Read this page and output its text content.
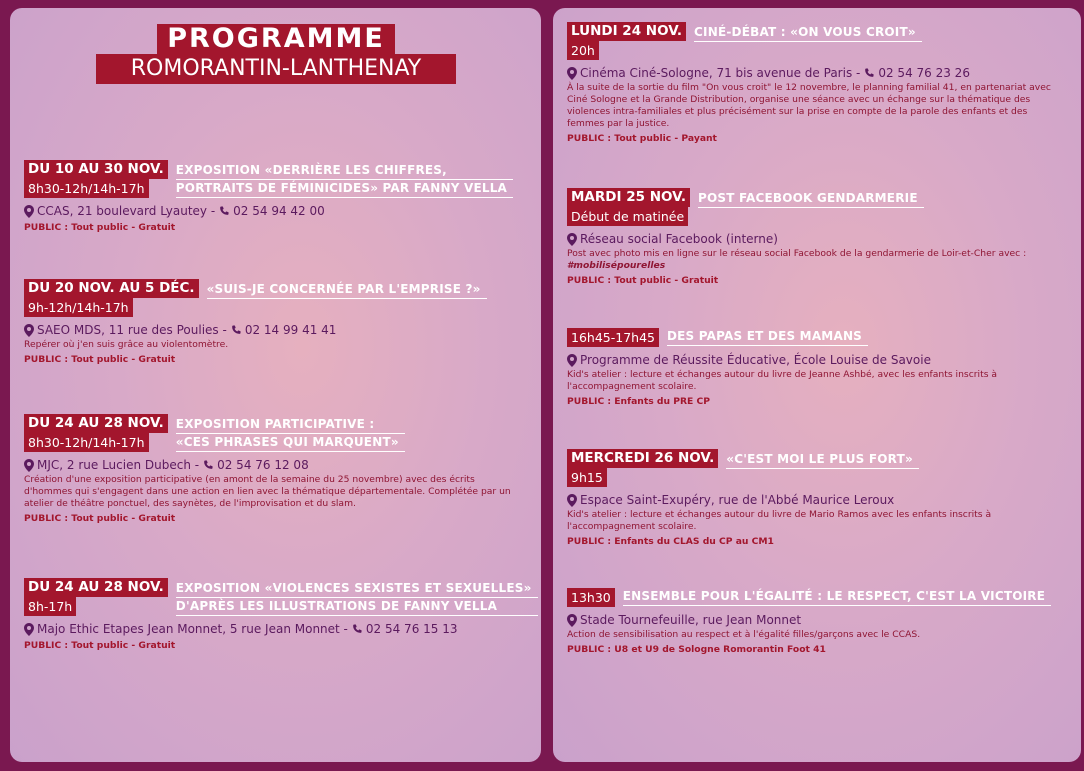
PROGRAMME
ROMORANTIN-LANTHENAY
DU 10 AU 30 NOV.
8h30-12h/14h-17h
EXPOSITION «DERRIÈRE LES CHIFFRES,
PORTRAITS DE FÉMINICIDES» PAR FANNY VELLA
CCAS, 21 boulevard Lyautey - 02 54 94 42 00
PUBLIC : Tout public - Gratuit
DU 20 NOV. AU 5 DÉC.
9h-12h/14h-17h
«SUIS-JE CONCERNÉE PAR L'EMPRISE ?»
SAEO MDS, 11 rue des Poulies - 02 14 99 41 41
Repérer où j'en suis grâce au violentomètre.
PUBLIC : Tout public - Gratuit
DU 24 AU 28 NOV.
8h30-12h/14h-17h
EXPOSITION PARTICIPATIVE :
«CES PHRASES QUI MARQUENT»
MJC, 2 rue Lucien Dubech - 02 54 76 12 08
Création d'une exposition participative (en amont de la semaine du 25 novembre) avec des écrits d'hommes qui s'engagent dans une action en lien avec la thématique départementale. Complétée par un atelier de théâtre ponctuel, des saynètes, de l'improvisation et du slam.
PUBLIC : Tout public - Gratuit
DU 24 AU 28 NOV.
8h-17h
EXPOSITION «VIOLENCES SEXISTES ET SEXUELLES»
D'APRÈS LES ILLUSTRATIONS DE FANNY VELLA
Majo Ethic Etapes Jean Monnet, 5 rue Jean Monnet - 02 54 76 15 13
PUBLIC : Tout public - Gratuit
LUNDI 24 NOV.
20h
CINÉ-DÉBAT : «ON VOUS CROIT»
Cinéma Ciné-Sologne, 71 bis avenue de Paris - 02 54 76 23 26
À la suite de la sortie du film "On vous croit" le 12 novembre, le planning familial 41, en partenariat avec Ciné Sologne et la Grande Distribution, organise une séance avec un échange sur la thématique des violences intra-familiales et plus précisément sur la prise en compte de la parole des enfants et des femmes par la justice.
PUBLIC : Tout public - Payant
MARDI 25 NOV.
Début de matinée
POST FACEBOOK GENDARMERIE
Réseau social Facebook (interne)
Post avec photo mis en ligne sur le réseau social Facebook de la gendarmerie de Loir-et-Cher avec : #mobilisépourelles
PUBLIC : Tout public - Gratuit
16h45-17h45	DES PAPAS ET DES MAMANS
Programme de Réussite Éducative, École Louise de Savoie
Kid's atelier : lecture et échanges autour du livre de Jeanne Ashbé, avec les enfants inscrits à l'accompagnement scolaire.
PUBLIC : Enfants du PRE CP
MERCREDI 26 NOV.
9h15
«C'EST MOI LE PLUS FORT»
Espace Saint-Exupéry, rue de l'Abbé Maurice Leroux
Kid's atelier : lecture et échanges autour du livre de Mario Ramos avec les enfants inscrits à l'accompagnement scolaire.
PUBLIC : Enfants du CLAS du CP au CM1
13h30	ENSEMBLE POUR L'ÉGALITÉ : LE RESPECT, C'EST LA VICTOIRE
Stade Tournefeuille, rue Jean Monnet
Action de sensibilisation au respect et à l'égalité filles/garçons avec le CCAS.
PUBLIC : U8 et U9 de Sologne Romorantin Foot 41
